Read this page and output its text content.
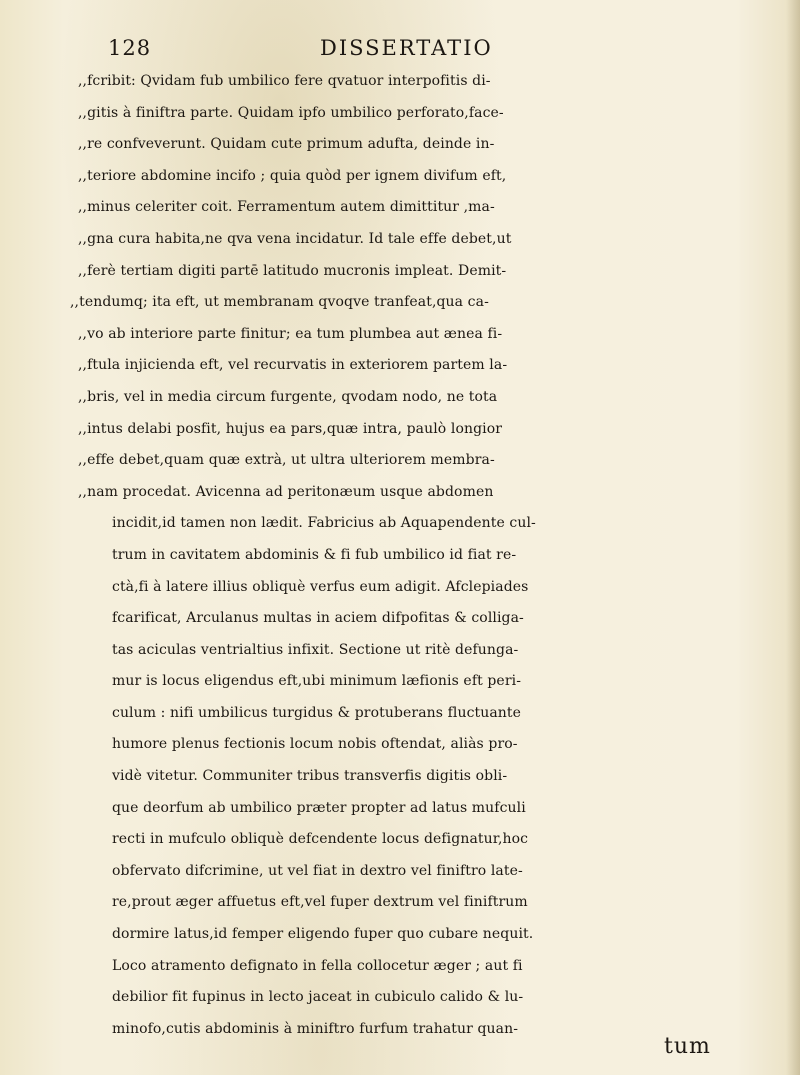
128	DISSERTATIO
,,fcribit: Qvidam fub umbilico fere qvatuor interpofitis di-
,,gitis à finiftra parte. Quidam ipfo umbilico perforato,face-
,,re confveverunt. Quidam cute primum adufta, deinde in-
,,teriore abdomine incifo ; quia quòd per ignem divifum eft,
,,minus celeriter coit. Ferramentum autem dimittitur ,ma-
,,gna cura habita,ne qva vena incidatur. Id tale effe debet,ut
,,ferè tertiam digiti partē latitudo mucronis impleat. Demit-
,,tendumq; ita eft, ut membranam qvoqve tranfeat,qua ca-
,,vo ab interiore parte finitur; ea tum plumbea aut ænea fi-
,,ftula injicienda eft, vel recurvatis in exteriorem partem la-
,,bris, vel in media circum furgente, qvodam nodo, ne tota
,,intus delabi posfit, hujus ea pars,quæ intra, paulò longior
,,effe debet,quam quæ extrà, ut ultra ulteriorem membra-
,,nam procedat. Avicenna ad peritonæum usque abdomen
incidit,id tamen non lædit. Fabricius ab Aquapendente cul-
trum in cavitatem abdominis & fi fub umbilico id fiat re-
ctà,fi à latere illius obliquè verfus eum adigit. Afclepiades
fcarificat, Arculanus multas in aciem difpofitas & colliga-
tas aciculas ventrialtius infixit. Sectione ut ritè defunga-
mur is locus eligendus eft,ubi minimum læfionis eft peri-
culum : nifi umbilicus turgidus & protuberans fluctuante
humore plenus fectionis locum nobis oftendat, aliàs pro-
vidè vitetur. Communiter tribus transverfis digitis obli-
que deorfum ab umbilico præter propter ad latus mufculi
recti in mufculo obliquè defcendente locus defignatur,hoc
obfervato difcrimine, ut vel fiat in dextro vel finiftro late-
re,prout æger affuetus eft,vel fuper dextrum vel finiftrum
dormire latus,id femper eligendo fuper quo cubare nequit.
Loco atramento defignato in fella collocetur æger ; aut fi
debilior fit fupinus in lecto jaceat in cubiculo calido & lu-
minofo,cutis abdominis à miniftro furfum trahatur quan-
tum
